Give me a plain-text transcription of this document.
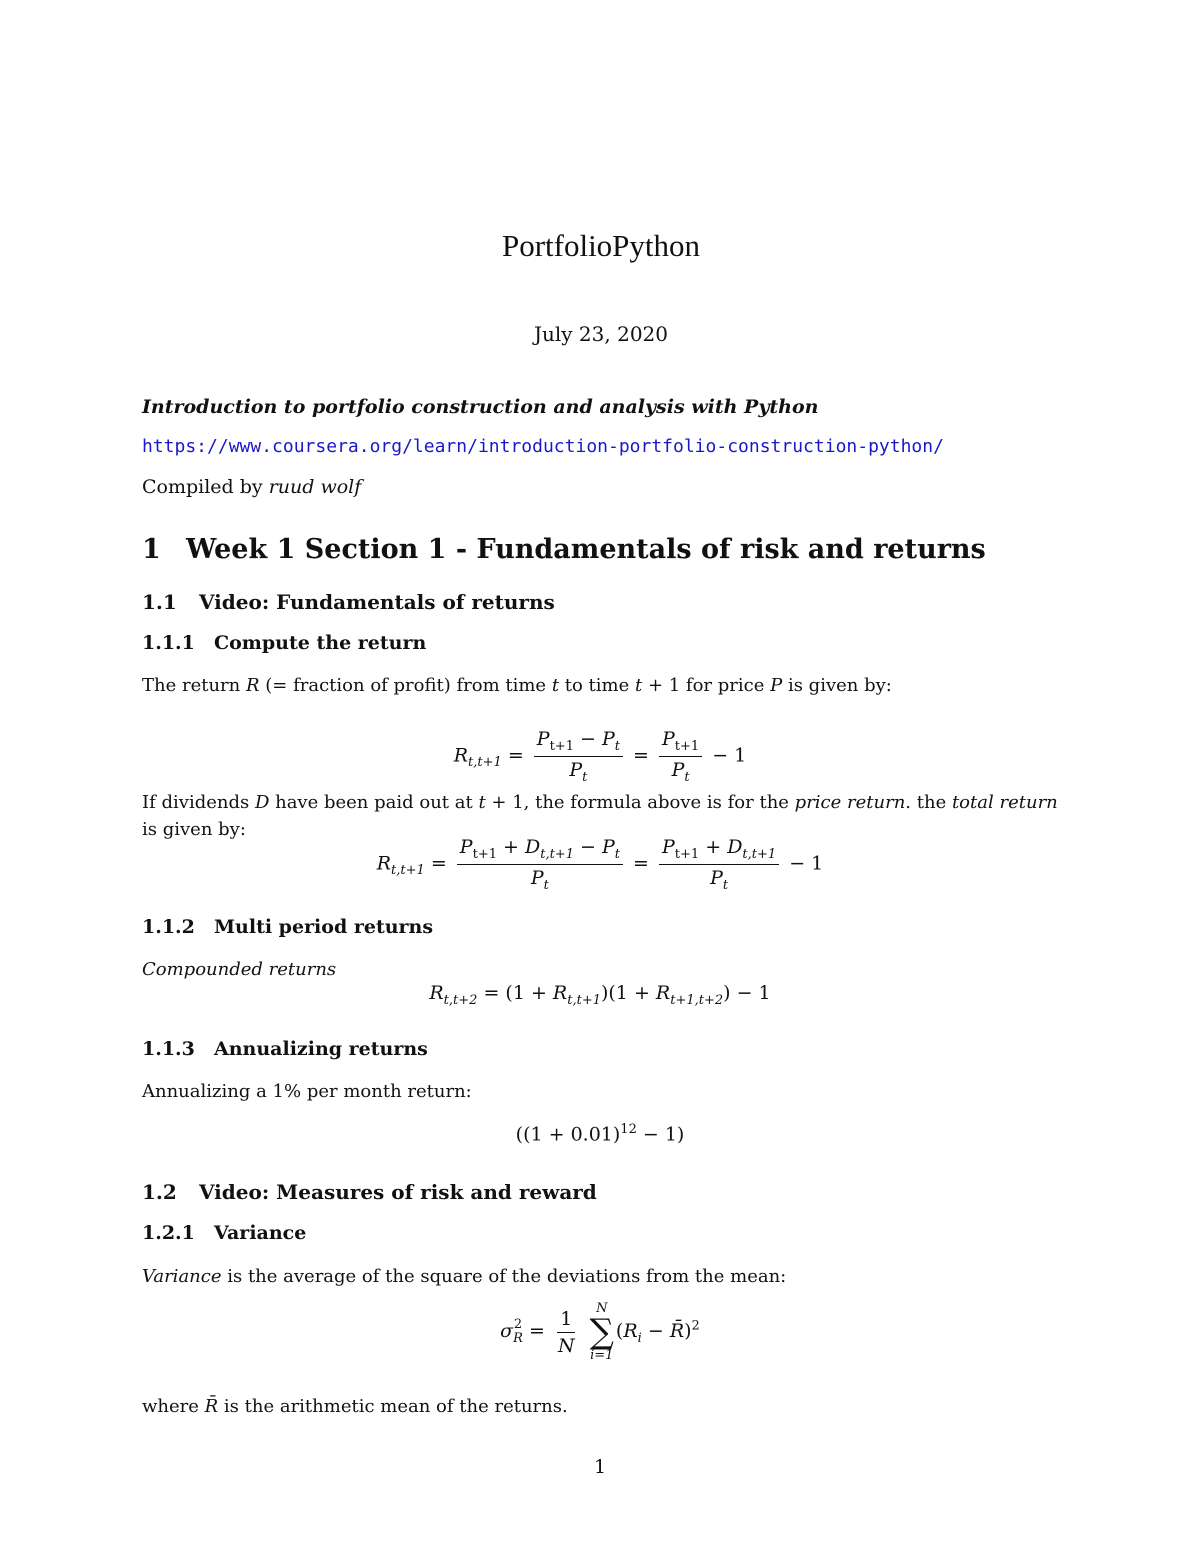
PortfolioPython
July 23, 2020
Introduction to portfolio construction and analysis with Python
https://www.coursera.org/learn/introduction-portfolio-construction-python/
Compiled by ruud wolf
1 Week 1 Section 1 - Fundamentals of risk and returns
1.1 Video: Fundamentals of returns
1.1.1 Compute the return
The return R (= fraction of profit) from time t to time t + 1 for price P is given by:
$R_{t,t+1} = \frac{P_{t+1} - P_t}{P_t} = \frac{P_{t+1}}{P_t} - 1$
If dividends D have been paid out at t + 1, the formula above is for the price return. the total return is given by:
$R_{t,t+1} = \frac{P_{t+1} + D_{t,t+1} - P_t}{P_t} = \frac{P_{t+1} + D_{t,t+1}}{P_t} - 1$
1.1.2 Multi period returns
Compounded returns
$R_{t,t+2} = (1 + R_{t,t+1})(1 + R_{t+1,t+2}) - 1$
1.1.3 Annualizing returns
Annualizing a 1% per month return:
$((1 + 0.01)^{12} - 1)$
1.2 Video: Measures of risk and reward
1.2.1 Variance
Variance is the average of the square of the deviations from the mean:
σ 2
$R = \frac{1}{N}$
N
∑
i=1
($R_i$ − R̄)$^2$
where R̄ is the arithmetic mean of the returns.
1
